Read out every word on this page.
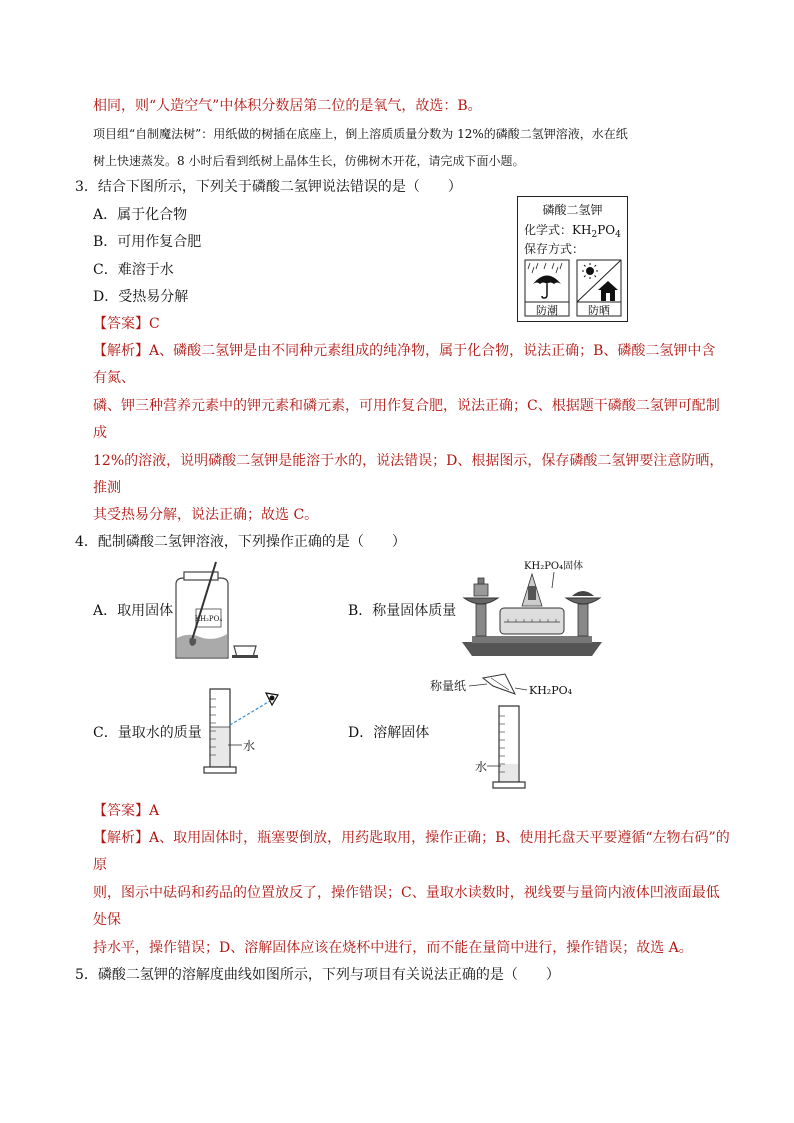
相同，则“人造空气”中体积分数居第二位的是氧气，故选：B。
项目组“自制魔法树”：用纸做的树插在底座上，倒上溶质质量分数为 12%的磷酸二氢钾溶液，水在纸
树上快速蒸发。8 小时后看到纸树上晶体生长，仿佛树木开花，请完成下面小题。
3．结合下图所示，下列关于磷酸二氢钾说法错误的是（　　）
A．属于化合物
B．可用作复合肥
C．难溶于水
D．受热易分解
磷酸二氢钾
化学式：$KH_2PO_4$
保存方式：
防潮	防晒
【答案】C
【解析】A、磷酸二氢钾是由不同种元素组成的纯净物，属于化合物，说法正确；B、磷酸二氢钾中含
有氮、
磷、钾三种营养元素中的钾元素和磷元素，可用作复合肥，说法正确；C、根据题干磷酸二氢钾可配制
成
12%的溶液，说明磷酸二氢钾是能溶于水的，说法错误；D、根据图示，保存磷酸二氢钾要注意防晒，
推测
其受热易分解，说法正确；故选 C。
4．配制磷酸二氢钾溶液，下列操作正确的是（　　）
A．取用固体	KH₂PO₄	B．称量固体质量
KH₂PO₄固体
C．量取水的质量
水
D．溶解固体
称量纸	KH₂PO₄
水
【答案】A
【解析】A、取用固体时，瓶塞要倒放，用药匙取用，操作正确；B、使用托盘天平要遵循“左物右码”的
原
则，图示中砝码和药品的位置放反了，操作错误；C、量取水读数时，视线要与量筒内液体凹液面最低
处保
持水平，操作错误；D、溶解固体应该在烧杯中进行，而不能在量筒中进行，操作错误；故选 A。
5．磷酸二氢钾的溶解度曲线如图所示，下列与项目有关说法正确的是（　　）
